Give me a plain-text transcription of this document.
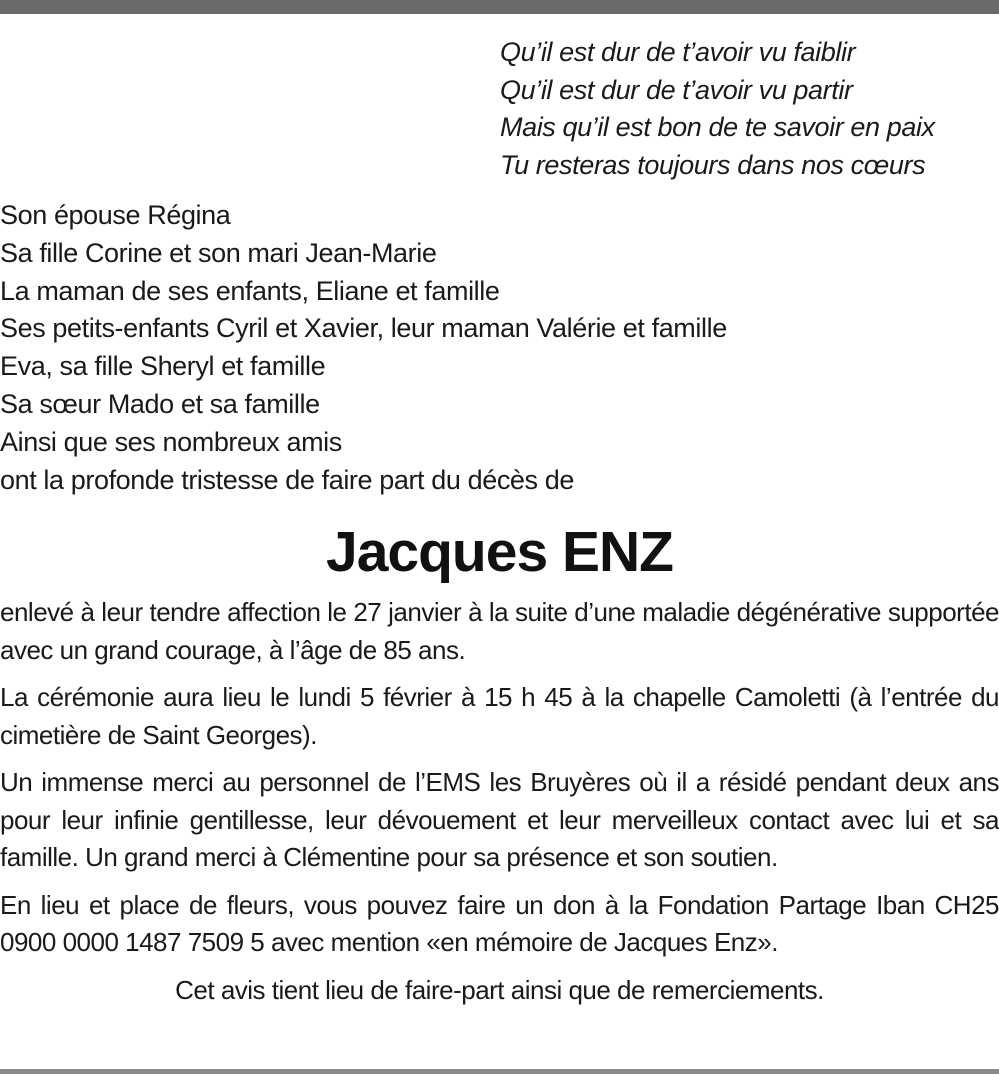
Qu’il est dur de t’avoir vu faiblir
Qu’il est dur de t’avoir vu partir
Mais qu’il est bon de te savoir en paix
Tu resteras toujours dans nos cœurs
Son épouse Régina
Sa fille Corine et son mari Jean-Marie
La maman de ses enfants, Eliane et famille
Ses petits-enfants Cyril et Xavier, leur maman Valérie et famille
Eva, sa fille Sheryl et famille
Sa sœur Mado et sa famille
Ainsi que ses nombreux amis
ont la profonde tristesse de faire part du décès de
Jacques ENZ

enlevé à leur tendre affection le 27 janvier à la suite d’une maladie dégénérative supportée avec un grand courage, à l’âge de 85 ans.

La cérémonie aura lieu le lundi 5 février à 15 h 45 à la chapelle Camoletti (à l’entrée du cimetière de Saint Georges).

Un immense merci au personnel de l’EMS les Bruyères où il a résidé pendant deux ans pour leur infinie gentillesse, leur dévouement et leur merveilleux contact avec lui et sa famille. Un grand merci à Clémentine pour sa présence et son soutien.

En lieu et place de fleurs, vous pouvez faire un don à la Fondation Partage Iban CH25 0900 0000 1487 7509 5 avec mention «en mémoire de Jacques Enz».

Cet avis tient lieu de faire-part ainsi que de remerciements.
